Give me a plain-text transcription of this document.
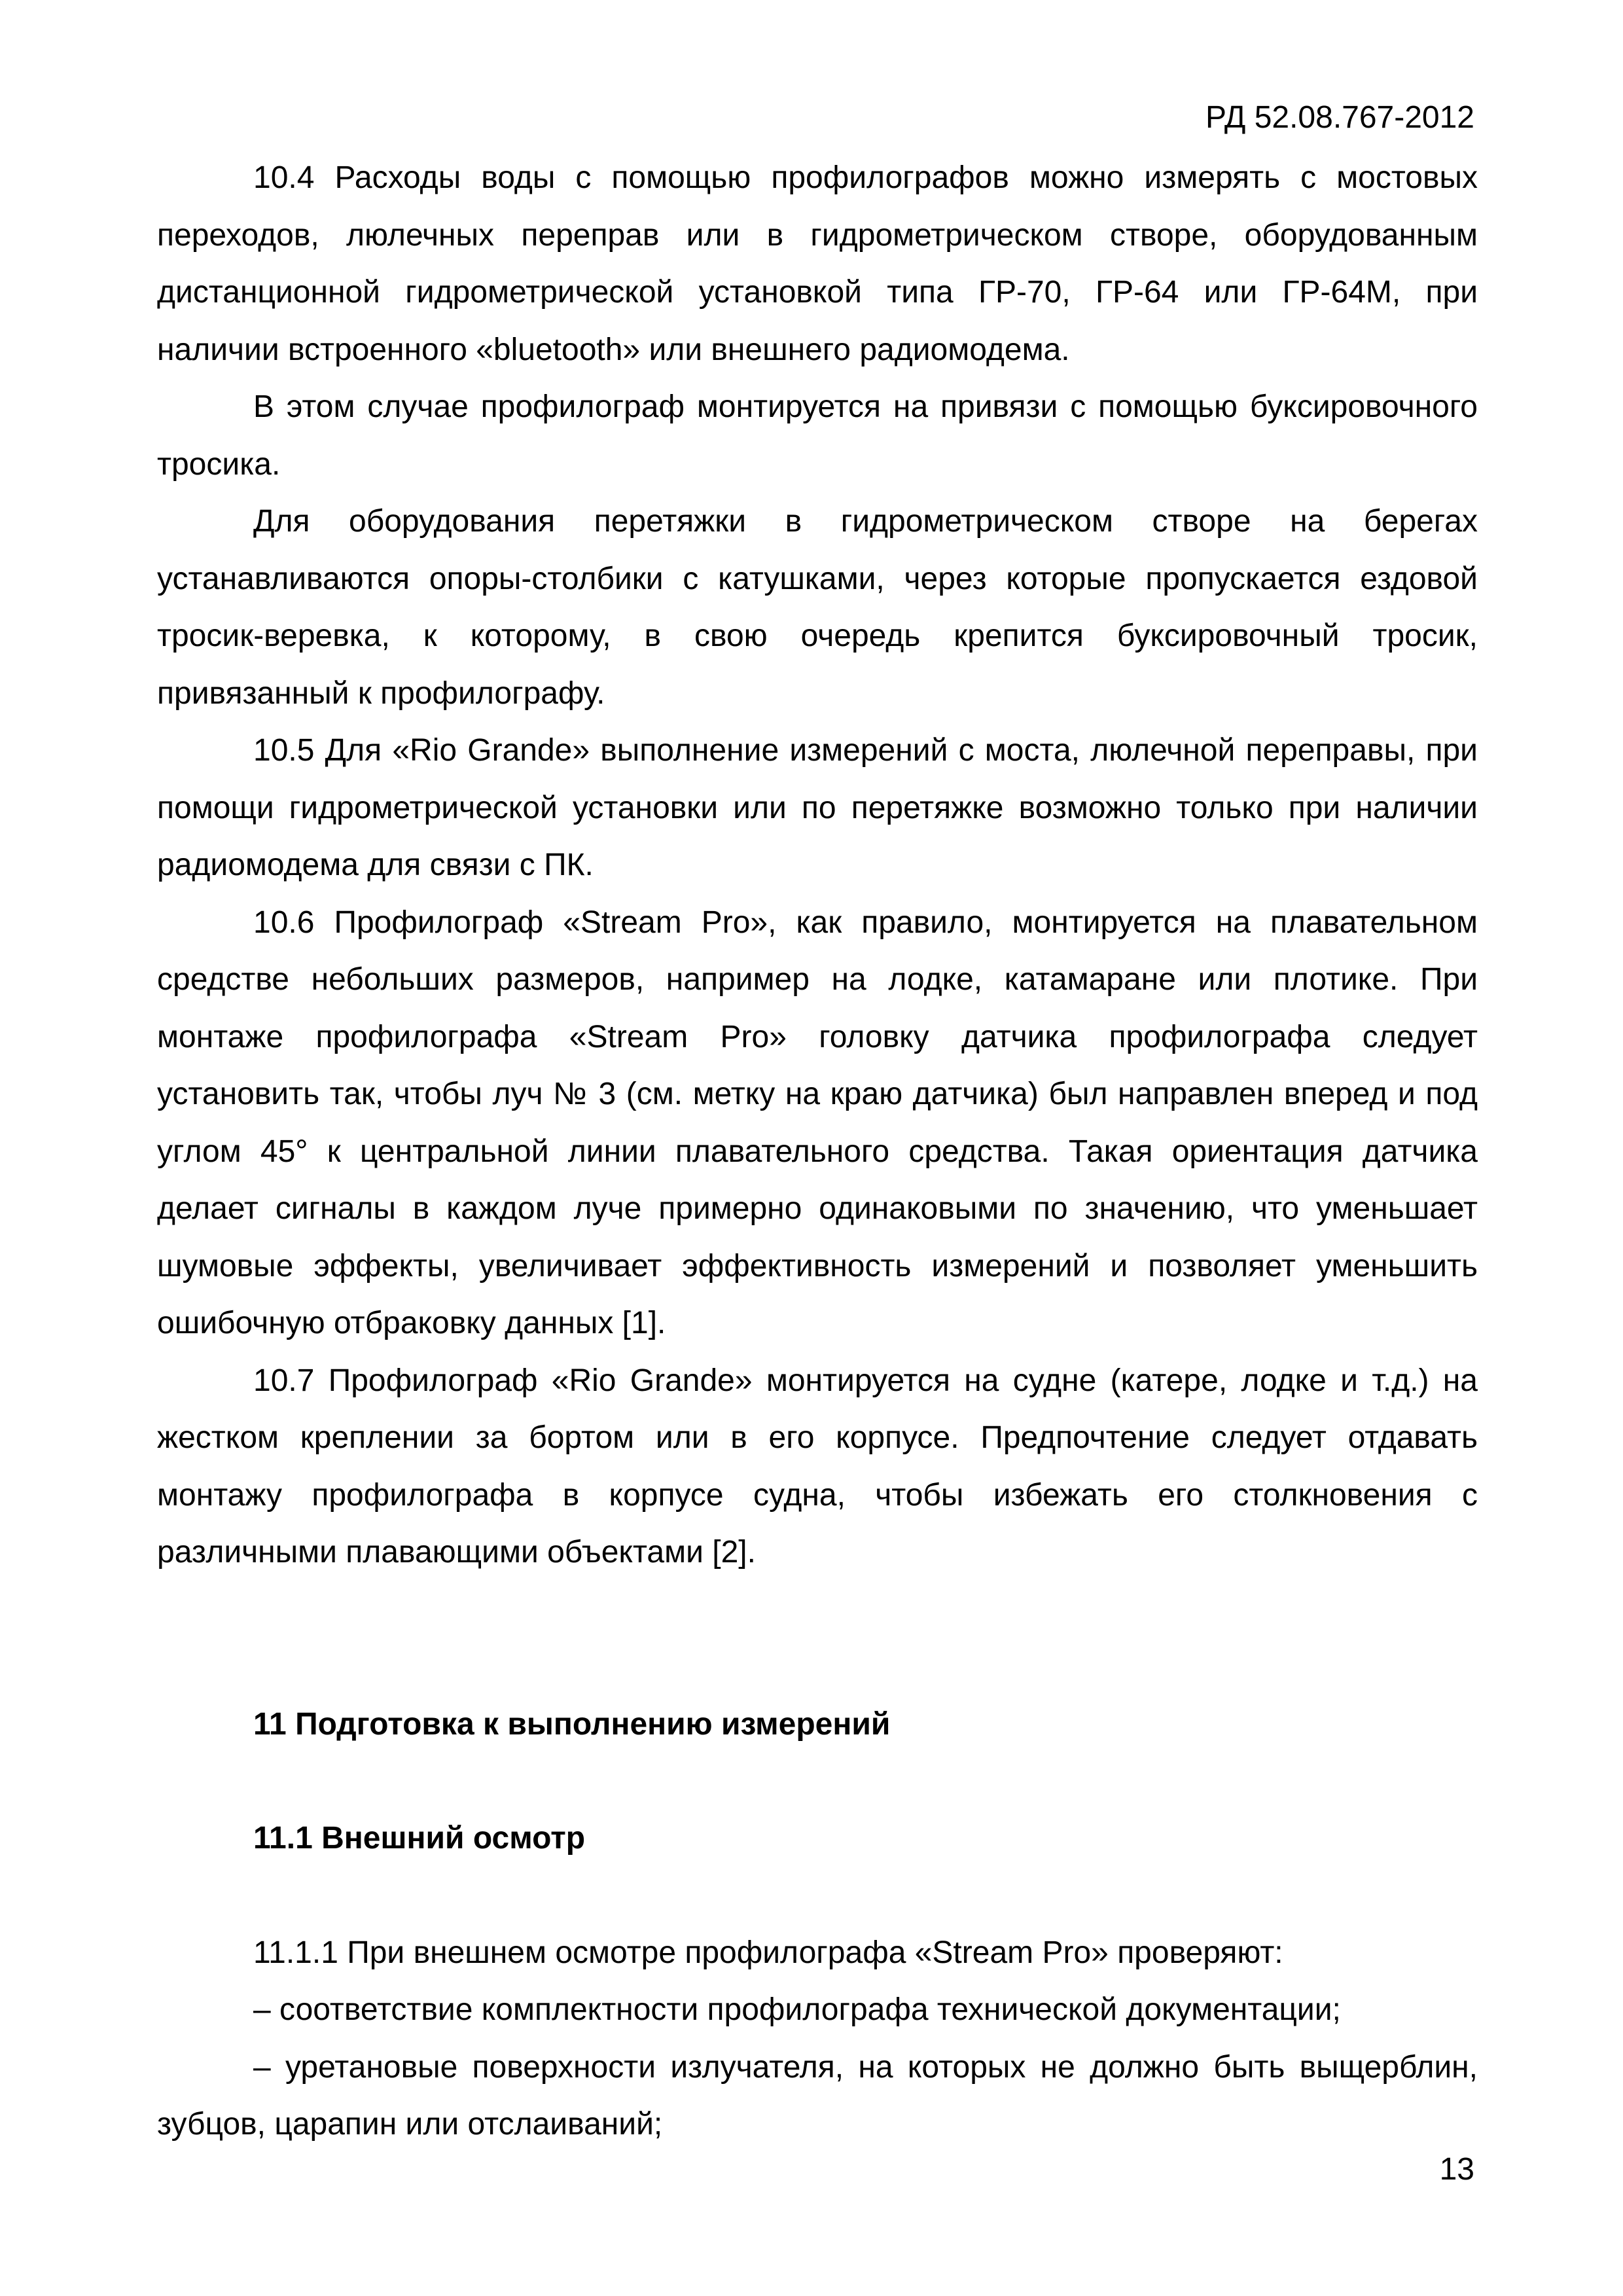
РД 52.08.767-2012

10.4 Расходы воды с помощью профилографов можно измерять с мостовых переходов, люлечных переправ или в гидрометрическом створе, оборудованным дистанционной гидрометрической установкой типа ГР-70, ГР-64 или ГР-64М, при наличии встроенного «bluetooth» или внешнего радиомодема.

В этом случае профилограф монтируется на привязи с помощью буксировочного тросика.

Для оборудования перетяжки в гидрометрическом створе на берегах устанавливаются опоры-столбики с катушками, через которые пропускается ездовой тросик-веревка, к которому, в свою очередь крепится буксировочный тросик, привязанный к профилографу.

10.5 Для «Rio Grande» выполнение измерений с моста, люлечной переправы, при помощи гидрометрической установки или по перетяжке возможно только при наличии радиомодема для связи с ПК.

10.6 Профилограф «Stream Pro», как правило, монтируется на плавательном средстве небольших размеров, например на лодке, катамаране или плотике. При монтаже профилографа «Stream Pro» головку датчика профилографа следует установить так, чтобы луч № 3 (см. метку на краю датчика) был направлен вперед и под углом 45° к центральной линии плавательного средства. Такая ориентация датчика делает сигналы в каждом луче примерно одинаковыми по значению, что уменьшает шумовые эффекты, увеличивает эффективность измерений и позволяет уменьшить ошибочную отбраковку данных [1].

10.7 Профилограф «Rio Grande» монтируется на судне (катере, лодке и т.д.) на жестком креплении за бортом или в его корпусе. Предпочтение следует отдавать монтажу профилографа в корпусе судна, чтобы избежать его столкновения с различными плавающими объектами [2].

11 Подготовка к выполнению измерений

11.1 Внешний осмотр

11.1.1 При внешнем осмотре профилографа «Stream Pro» проверяют:

– соответствие комплектности профилографа технической документации;

– уретановые поверхности излучателя, на которых не должно быть выщерблин, зубцов, царапин или отслаиваний;

13
